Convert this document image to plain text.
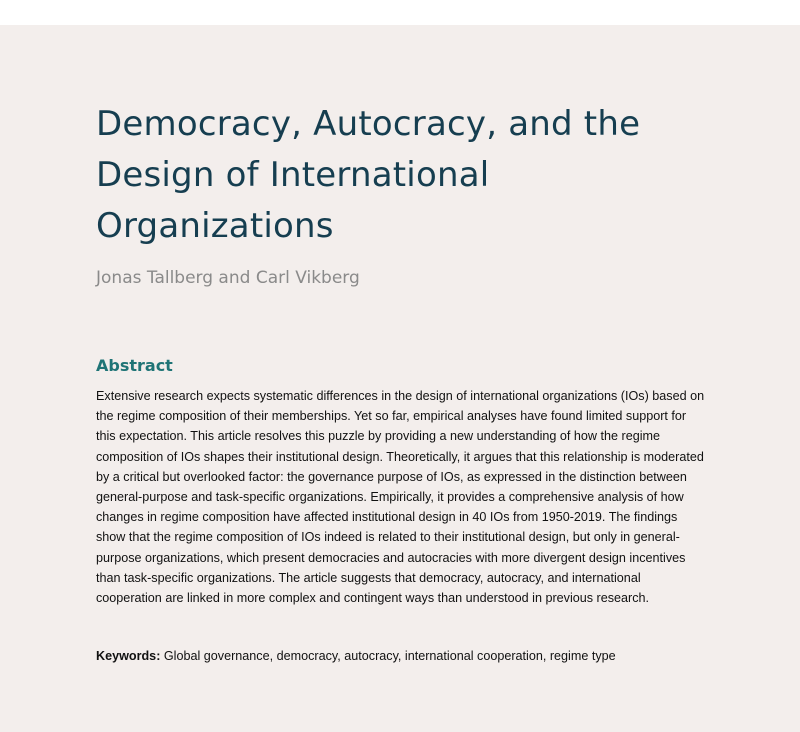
Democracy, Autocracy, and the Design of International Organizations

Jonas Tallberg and Carl Vikberg

Abstract

Extensive research expects systematic differences in the design of international organizations (IOs) based on the regime composition of their memberships. Yet so far, empirical analyses have found limited support for this expectation. This article resolves this puzzle by providing a new understanding of how the regime composition of IOs shapes their institutional design. Theoretically, it argues that this relationship is moderated by a critical but overlooked factor: the governance purpose of IOs, as expressed in the distinction between general-purpose and task-specific organizations. Empirically, it provides a comprehensive analysis of how changes in regime composition have affected institutional design in 40 IOs from 1950-2019. The findings show that the regime composition of IOs indeed is related to their institutional design, but only in general-purpose organizations, which present democracies and autocracies with more divergent design incentives than task-specific organizations. The article suggests that democracy, autocracy, and international cooperation are linked in more complex and contingent ways than understood in previous research.

Keywords: Global governance, democracy, autocracy, international cooperation, regime type
